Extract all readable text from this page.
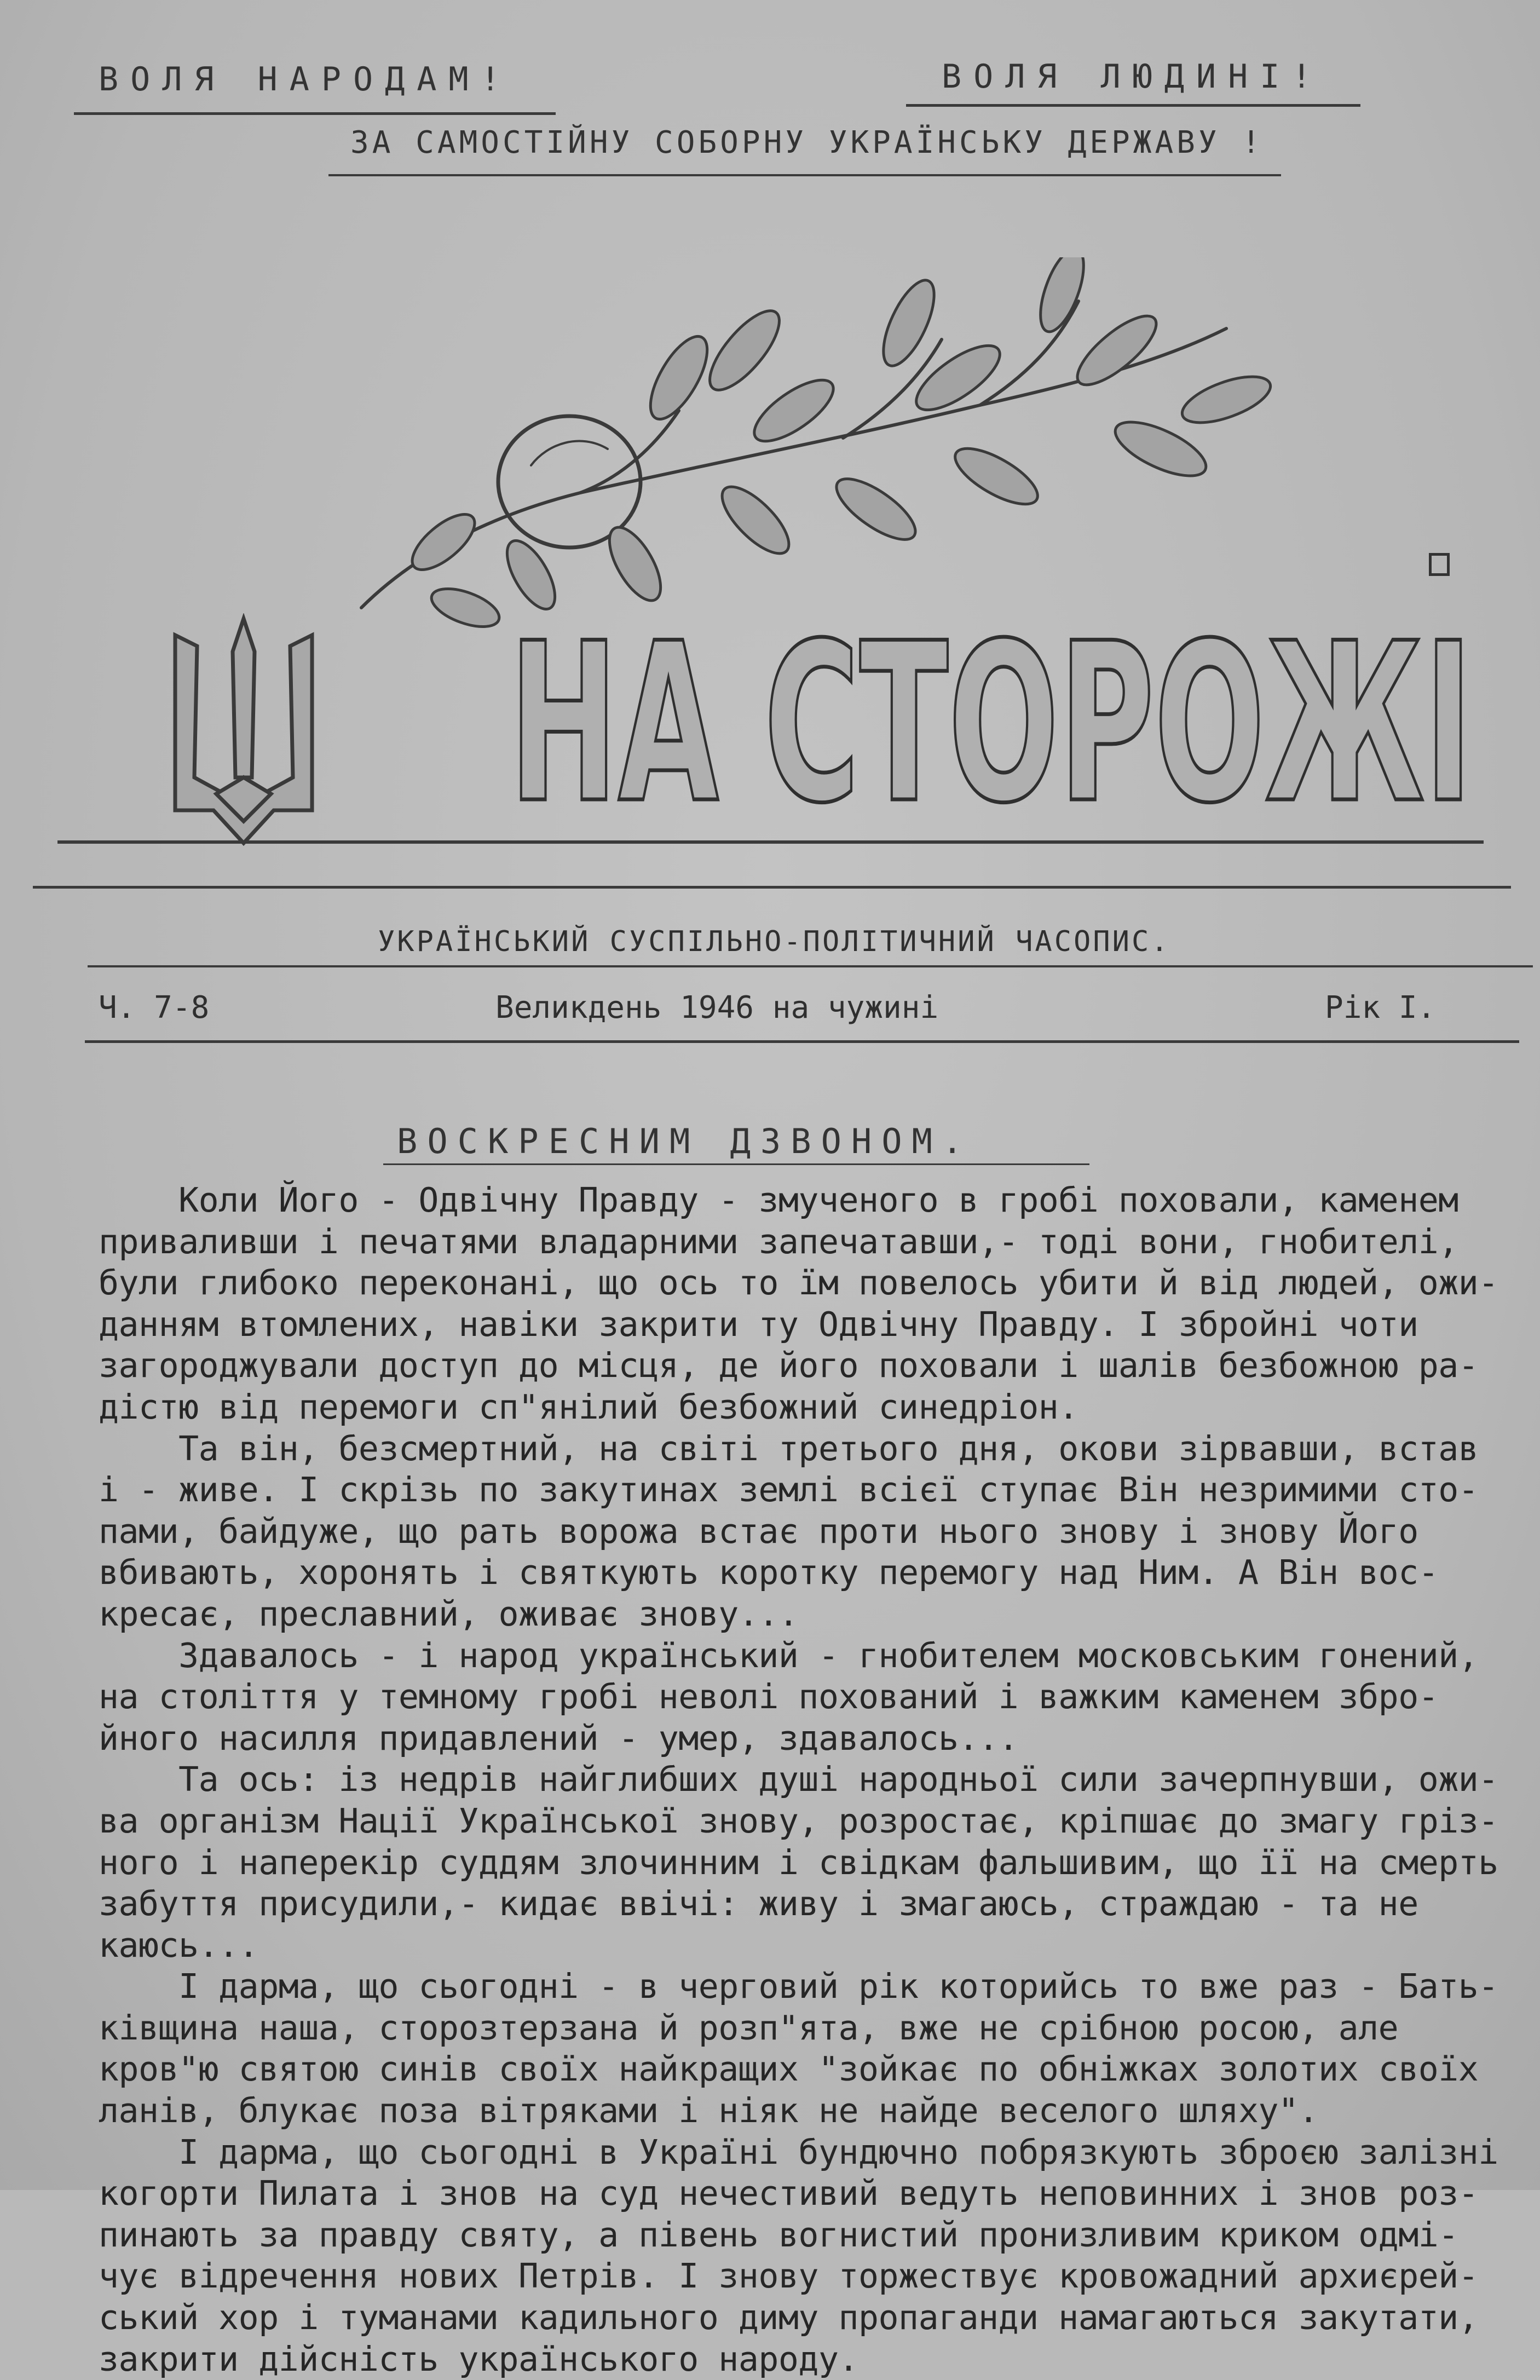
ВОЛЯ НАРОДАМ!	ВОЛЯ ЛЮДИНІ!
ЗА САМОСТІЙНУ СОБОРНУ УКРАЇНСЬКУ ДЕРЖАВУ !
НА СТОРОЖІ
УКРАЇНСЬКИЙ СУСПІЛЬНО-ПОЛІТИЧНИЙ ЧАСОПИС.
Ч. 7-8	Великдень 1946 на чужині	Рік І.
ВОСКРЕСНИМ ДЗВОНОМ.

Коли Його - Одвічну Правду - змученого в гробі поховали, каменем

приваливши і печатями владарними запечатавши,- тоді вони, гнобителі,

були глибоко переконані, що ось то їм повелось убити й від людей, ожи-

данням втомлених, навіки закрити ту Одвічну Правду. І збройні чоти

загороджували доступ до місця, де його поховали і шалів безбожною ра-

дістю від перемоги сп"янілий безбожний синедріон.

Та він, безсмертний, на світі третього дня, окови зірвавши, встав

і - живе. І скрізь по закутинах землі всієї ступає Він незримими сто-

пами, байдуже, що рать ворожа встає проти нього знову і знову Його

вбивають, хоронять і святкують коротку перемогу над Ним. А Він вос-

кресає, преславний, оживає знову...

Здавалось - і народ український - гнобителем московським гонений,

на століття у темному гробі неволі похований і важким каменем збро-

йного насилля придавлений - умер, здавалось...

Та ось: із недрів найглибших душі народньої сили зачерпнувши, ожи-

ва організм Нації Української знову, розростає, кріпшає до змагу гріз-

ного і наперекір суддям злочинним і свідкам фальшивим, що її на смерть

забуття присудили,- кидає ввічі: живу і змагаюсь, страждаю - та не

каюсь...

І дарма, що сьогодні - в черговий рік которийсь то вже раз - Бать-

ківщина наша, сторозтерзана й розп"ята, вже не срібною росою, але

кров"ю святою синів своїх найкращих "зойкає по обніжках золотих своїх

ланів, блукає поза вітряками і ніяк не найде веселого шляху".

І дарма, що сьогодні в Україні бундючно побрязкують зброєю залізні

когорти Пилата і знов на суд нечестивий ведуть неповинних і знов роз-

пинають за правду святу, а півень вогнистий пронизливим криком одмі-

чує відречення нових Петрів. І знову торжествує кровожадний архиєрей-

ський хор і туманами кадильного диму пропаганди намагаються закутати,

закрити дійсність українського народу.
